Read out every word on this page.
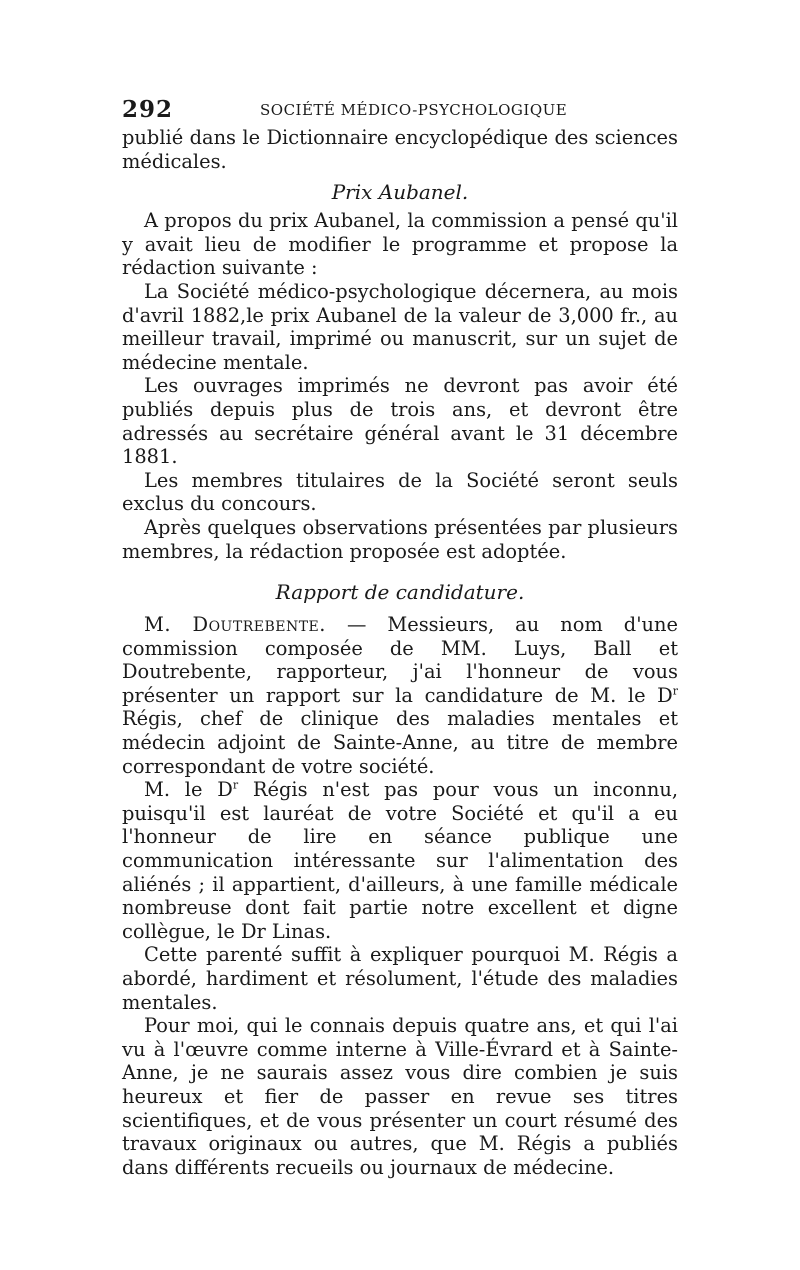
292	SOCIÉTÉ MÉDICO-PSYCHOLOGIQUE

publié dans le Dictionnaire encyclopédique des sciences médicales.

Prix Aubanel.

A propos du prix Aubanel, la commission a pensé qu'il y avait lieu de modifier le programme et propose la rédaction suivante :

La Société médico-psychologique décernera, au mois d'avril 1882,le prix Aubanel de la valeur de 3,000 fr., au meilleur travail, imprimé ou manuscrit, sur un sujet de médecine mentale.

Les ouvrages imprimés ne devront pas avoir été publiés depuis plus de trois ans, et devront être adressés au secrétaire général avant le 31 décembre 1881.

Les membres titulaires de la Société seront seuls exclus du concours.

Après quelques observations présentées par plusieurs membres, la rédaction proposée est adoptée.

Rapport de candidature.

M. Doutrebente. — Messieurs, au nom d'une commission composée de MM. Luys, Ball et Doutrebente, rapporteur, j'ai l'honneur de vous présenter un rapport sur la candidature de M. le $D^r$ Régis, chef de clinique des maladies mentales et médecin adjoint de Sainte-Anne, au titre de membre correspondant de votre société.

M. le $D^r$ Régis n'est pas pour vous un inconnu, puisqu'il est lauréat de votre Société et qu'il a eu l'honneur de lire en séance publique une communication intéressante sur l'alimentation des aliénés ; il appartient, d'ailleurs, à une famille médicale nombreuse dont fait partie notre excellent et digne collègue, le Dr Linas.

Cette parenté suffit à expliquer pourquoi M. Régis a abordé, hardiment et résolument, l'étude des maladies mentales.

Pour moi, qui le connais depuis quatre ans, et qui l'ai vu à l'œuvre comme interne à Ville-Évrard et à Sainte-Anne, je ne saurais assez vous dire combien je suis heureux et fier de passer en revue ses titres scientifiques, et de vous présenter un court résumé des travaux originaux ou autres, que M. Régis a publiés dans différents recueils ou journaux de médecine.
